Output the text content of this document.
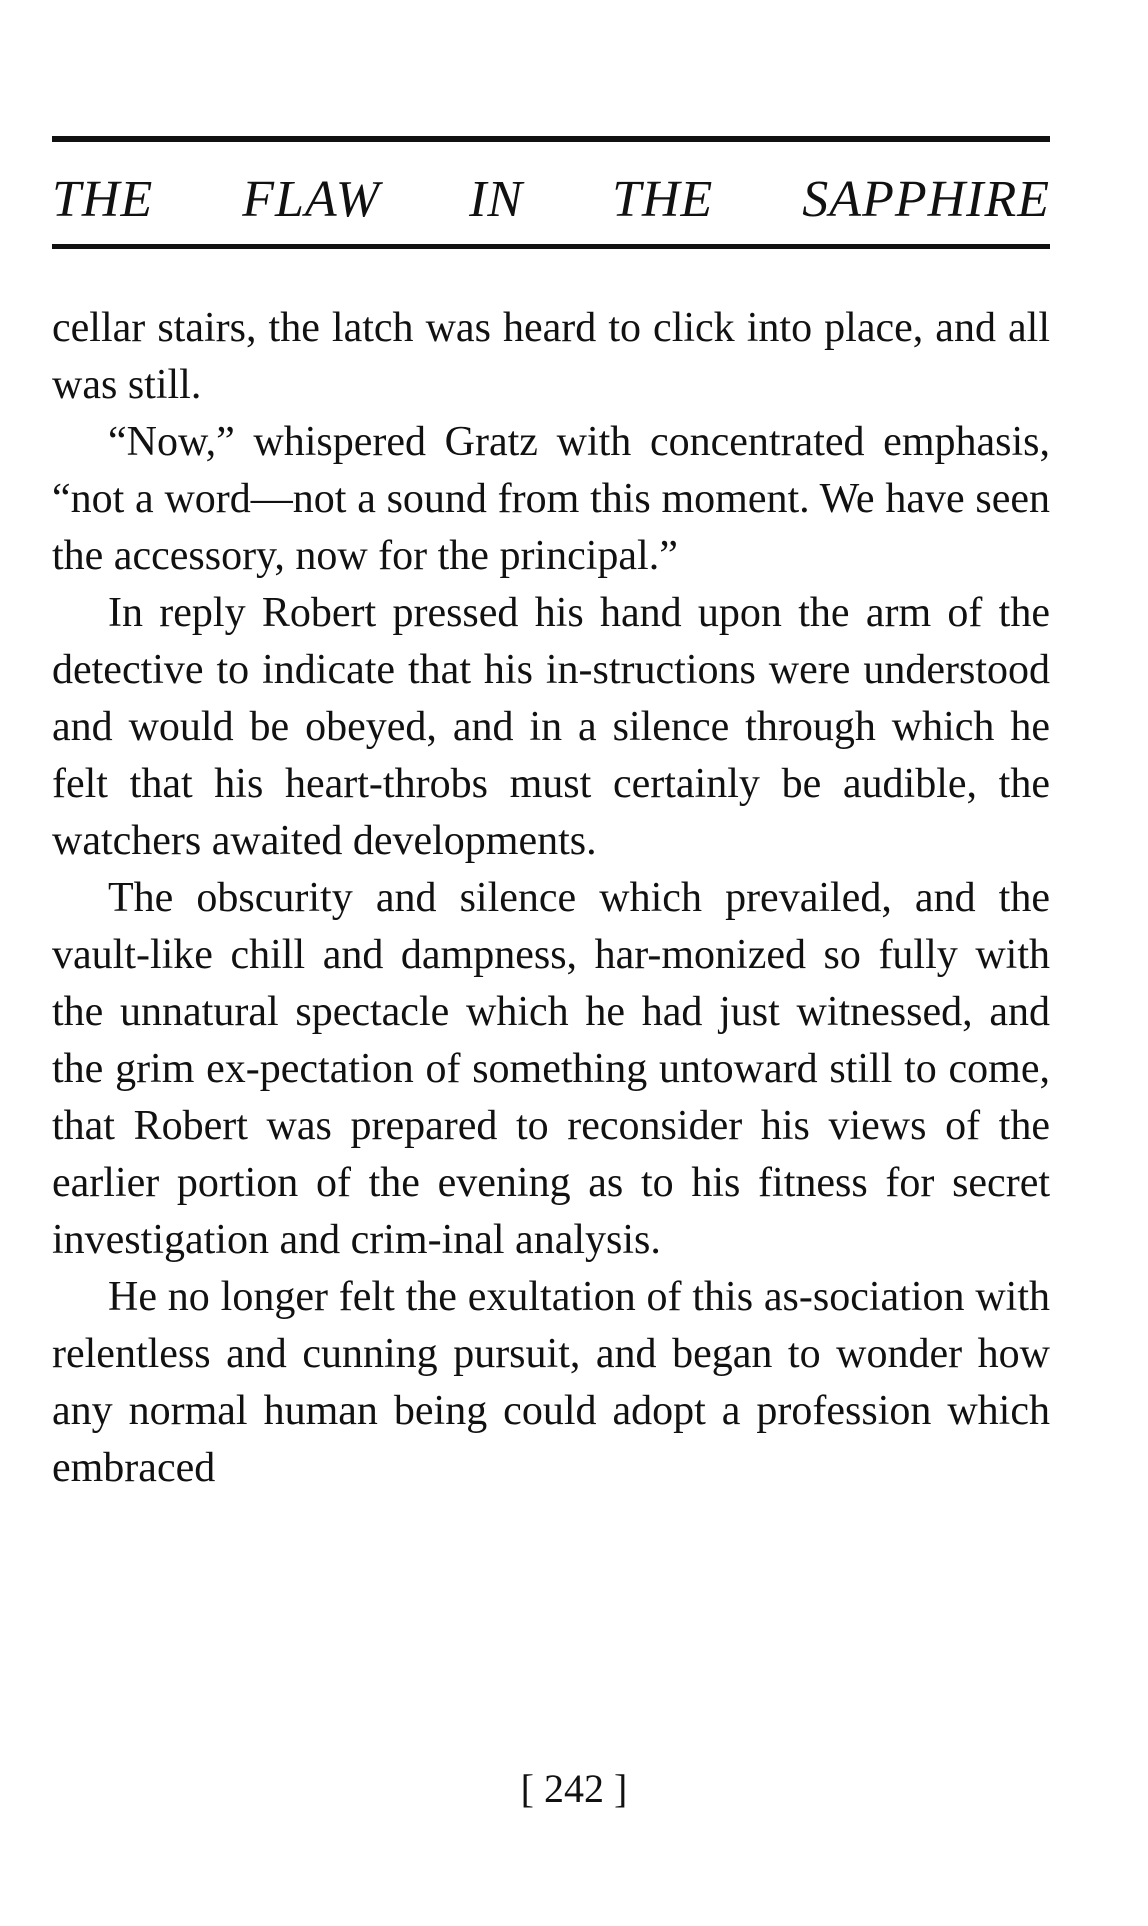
THE FLAW IN THE SAPPHIRE

cellar stairs, the latch was heard to click into place, and all was still.

“Now,” whispered Gratz with concentrated emphasis, “not a word—not a sound from this moment. We have seen the accessory, now for the principal.”

In reply Robert pressed his hand upon the arm of the detective to indicate that his in-structions were understood and would be obeyed, and in a silence through which he felt that his heart-throbs must certainly be audible, the watchers awaited developments.

The obscurity and silence which prevailed, and the vault-like chill and dampness, har-monized so fully with the unnatural spectacle which he had just witnessed, and the grim ex-pectation of something untoward still to come, that Robert was prepared to reconsider his views of the earlier portion of the evening as to his fitness for secret investigation and crim-inal analysis.

He no longer felt the exultation of this as-sociation with relentless and cunning pursuit, and began to wonder how any normal human being could adopt a profession which embraced

[ 242 ]
